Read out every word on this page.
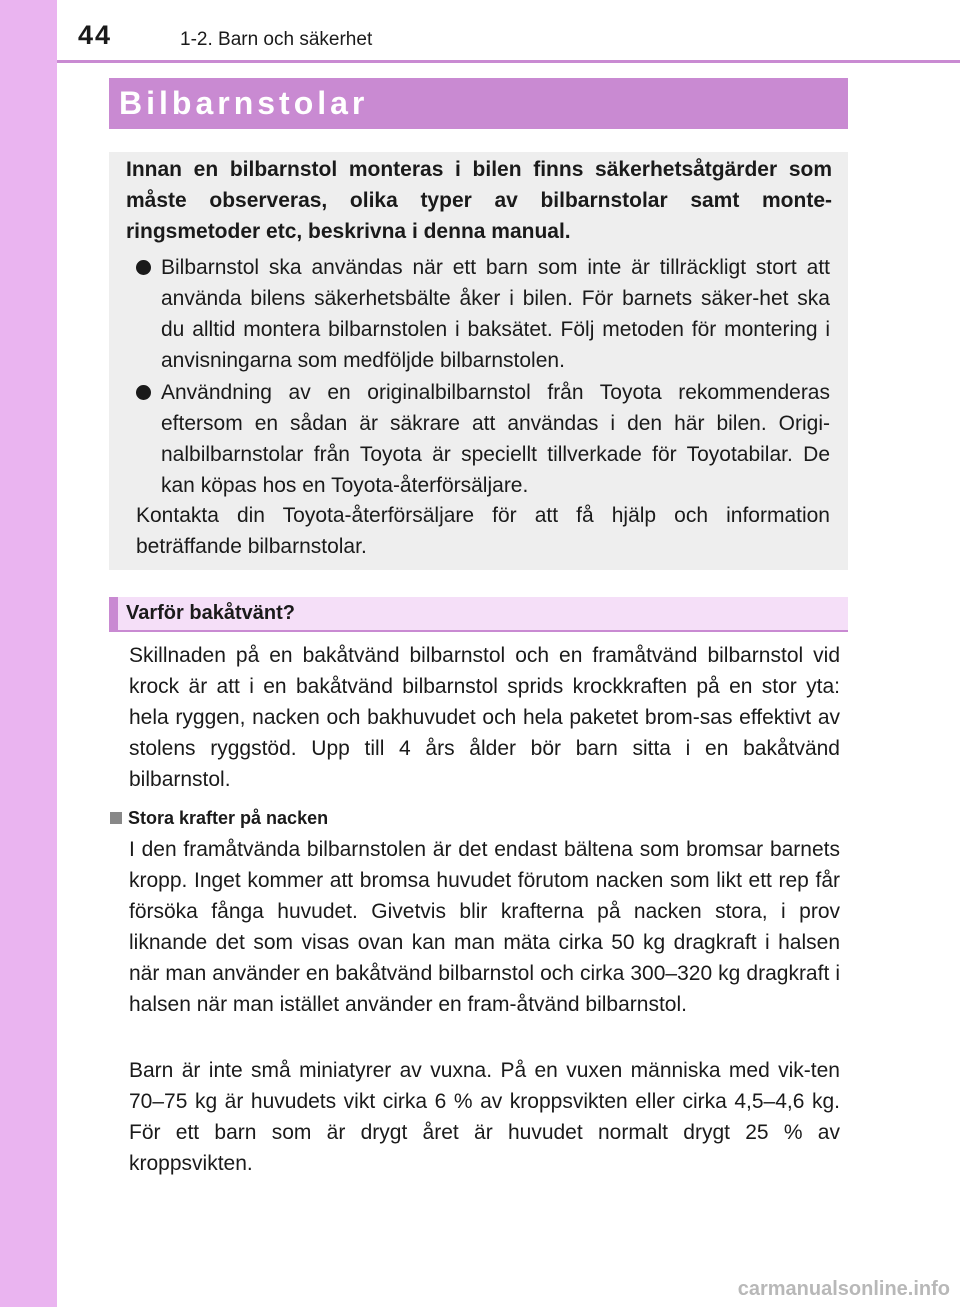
44	1-2. Barn och säkerhet
Bilbarnstolar
Innan en bilbarnstol monteras i bilen finns säkerhetsåtgärder som måste observeras, olika typer av bilbarnstolar samt monte-ringsmetoder etc, beskrivna i denna manual.
Bilbarnstol ska användas när ett barn som inte är tillräckligt stort att använda bilens säkerhetsbälte åker i bilen. För barnets säker-het ska du alltid montera bilbarnstolen i baksätet. Följ metoden för montering i anvisningarna som medföljde bilbarnstolen.
Användning av en originalbilbarnstol från Toyota rekommenderas eftersom en sådan är säkrare att användas i den här bilen. Origi-nalbilbarnstolar från Toyota är speciellt tillverkade för Toyotabilar. De kan köpas hos en Toyota-återförsäljare.
Kontakta din Toyota-återförsäljare för att få hjälp och information beträffande bilbarnstolar.
Varför bakåtvänt?
Skillnaden på en bakåtvänd bilbarnstol och en framåtvänd bilbarnstol vid krock är att i en bakåtvänd bilbarnstol sprids krockkraften på en stor yta: hela ryggen, nacken och bakhuvudet och hela paketet brom-sas effektivt av stolens ryggstöd. Upp till 4 års ålder bör barn sitta i en bakåtvänd bilbarnstol.
Stora krafter på nacken
I den framåtvända bilbarnstolen är det endast bältena som bromsar barnets kropp. Inget kommer att bromsa huvudet förutom nacken som likt ett rep får försöka fånga huvudet. Givetvis blir krafterna på nacken stora, i prov liknande det som visas ovan kan man mäta cirka 50 kg dragkraft i halsen när man använder en bakåtvänd bilbarnstol och cirka 300–320 kg dragkraft i halsen när man istället använder en fram-åtvänd bilbarnstol.
Barn är inte små miniatyrer av vuxna. På en vuxen människa med vik-ten 70–75 kg är huvudets vikt cirka 6 % av kroppsvikten eller cirka 4,5–4,6 kg. För ett barn som är drygt året är huvudet normalt drygt 25 % av kroppsvikten.
carmanualsonline.info
